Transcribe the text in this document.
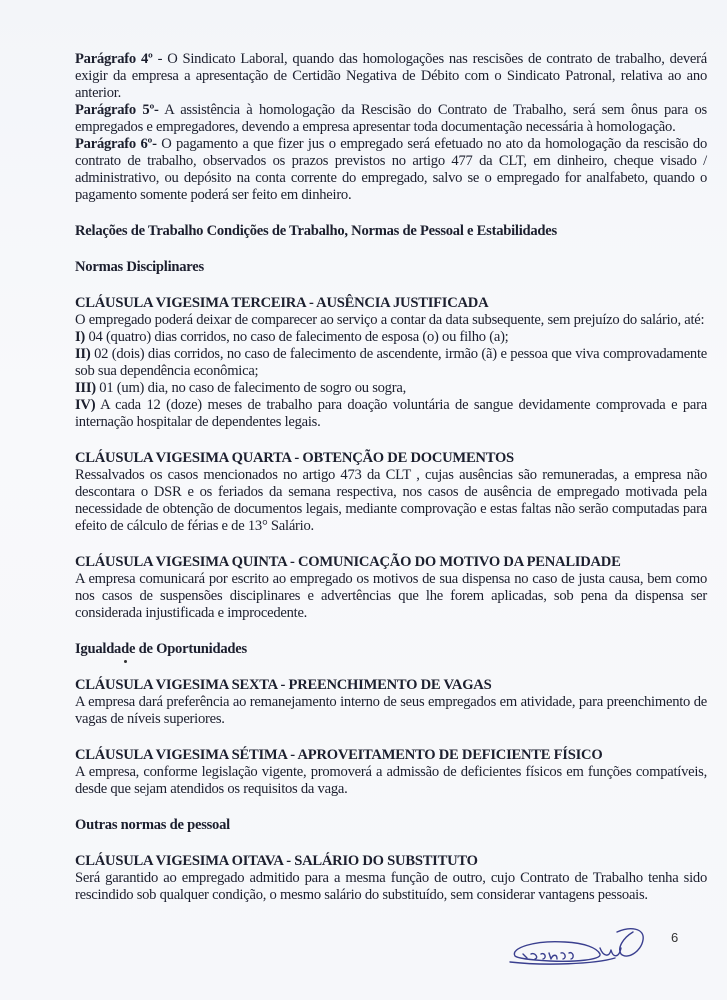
Parágrafo 4º - O Sindicato Laboral, quando das homologações nas rescisões de contrato de trabalho, deverá exigir da empresa a apresentação de Certidão Negativa de Débito com o Sindicato Patronal, relativa ao ano anterior.

Parágrafo 5º- A assistência à homologação da Rescisão do Contrato de Trabalho, será sem ônus para os empregados e empregadores, devendo a empresa apresentar toda documentação necessária à homologação.

Parágrafo 6º- O pagamento a que fizer jus o empregado será efetuado no ato da homologação da rescisão do contrato de trabalho, observados os prazos previstos no artigo 477 da CLT, em dinheiro, cheque visado / administrativo, ou depósito na conta corrente do empregado, salvo se o empregado for analfabeto, quando o pagamento somente poderá ser feito em dinheiro.

Relações de Trabalho Condições de Trabalho, Normas de Pessoal e Estabilidades

Normas Disciplinares

CLÁUSULA VIGESIMA TERCEIRA - AUSÊNCIA JUSTIFICADA

O empregado poderá deixar de comparecer ao serviço a contar da data subsequente, sem prejuízo do salário, até:

I) 04 (quatro) dias corridos, no caso de falecimento de esposa (o) ou filho (a);

II) 02 (dois) dias corridos, no caso de falecimento de ascendente, irmão (ã) e pessoa que viva comprovadamente sob sua dependência econômica;

III) 01 (um) dia, no caso de falecimento de sogro ou sogra,

IV) A cada 12 (doze) meses de trabalho para doação voluntária de sangue devidamente comprovada e para internação hospitalar de dependentes legais.

CLÁUSULA VIGESIMA QUARTA - OBTENÇÃO DE DOCUMENTOS

Ressalvados os casos mencionados no artigo 473 da CLT , cujas ausências são remuneradas, a empresa não descontara o DSR e os feriados da semana respectiva, nos casos de ausência de empregado motivada pela necessidade de obtenção de documentos legais, mediante comprovação e estas faltas não serão computadas para efeito de cálculo de férias e de 13° Salário.

CLÁUSULA VIGESIMA QUINTA - COMUNICAÇÃO DO MOTIVO DA PENALIDADE

A empresa comunicará por escrito ao empregado os motivos de sua dispensa no caso de justa causa, bem como nos casos de suspensões disciplinares e advertências que lhe forem aplicadas, sob pena da dispensa ser considerada injustificada e improcedente.

Igualdade de Oportunidades

CLÁUSULA VIGESIMA SEXTA - PREENCHIMENTO DE VAGAS

A empresa dará preferência ao remanejamento interno de seus empregados em atividade, para preenchimento de vagas de níveis superiores.

CLÁUSULA VIGESIMA SÉTIMA - APROVEITAMENTO DE DEFICIENTE FÍSICO

A empresa, conforme legislação vigente, promoverá a admissão de deficientes físicos em funções compatíveis, desde que sejam atendidos os requisitos da vaga.

Outras normas de pessoal

CLÁUSULA VIGESIMA OITAVA - SALÁRIO DO SUBSTITUTO

Será garantido ao empregado admitido para a mesma função de outro, cujo Contrato de Trabalho tenha sido rescindido sob qualquer condição, o mesmo salário do substituído, sem considerar vantagens pessoais.

6
